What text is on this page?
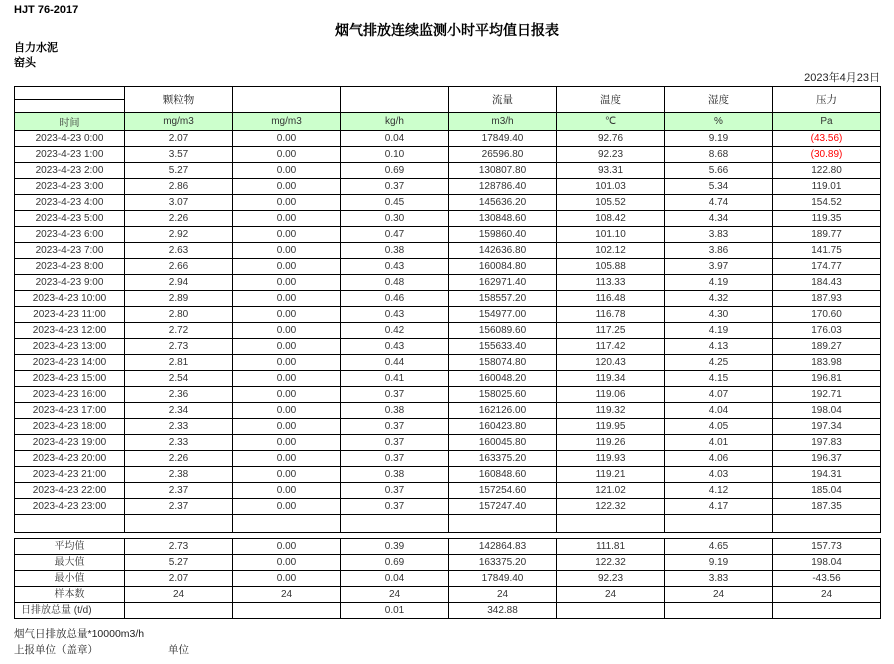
HJT 76-2017
烟气排放连续监测小时平均值日报表
自力水泥
窑头
2023年4月23日
	颗粒物			流量	温度	湿度	压力
时间	mg/m3	mg/m3	kg/h	m3/h	℃	%	Pa
2023-4-23 0:00	2.07	0.00	0.04	17849.40	92.76	9.19	(43.56)
2023-4-23 1:00	3.57	0.00	0.10	26596.80	92.23	8.68	(30.89)
2023-4-23 2:00	5.27	0.00	0.69	130807.80	93.31	5.66	122.80
2023-4-23 3:00	2.86	0.00	0.37	128786.40	101.03	5.34	119.01
2023-4-23 4:00	3.07	0.00	0.45	145636.20	105.52	4.74	154.52
2023-4-23 5:00	2.26	0.00	0.30	130848.60	108.42	4.34	119.35
2023-4-23 6:00	2.92	0.00	0.47	159860.40	101.10	3.83	189.77
2023-4-23 7:00	2.63	0.00	0.38	142636.80	102.12	3.86	141.75
2023-4-23 8:00	2.66	0.00	0.43	160084.80	105.88	3.97	174.77
2023-4-23 9:00	2.94	0.00	0.48	162971.40	113.33	4.19	184.43
2023-4-23 10:00	2.89	0.00	0.46	158557.20	116.48	4.32	187.93
2023-4-23 11:00	2.80	0.00	0.43	154977.00	116.78	4.30	170.60
2023-4-23 12:00	2.72	0.00	0.42	156089.60	117.25	4.19	176.03
2023-4-23 13:00	2.73	0.00	0.43	155633.40	117.42	4.13	189.27
2023-4-23 14:00	2.81	0.00	0.44	158074.80	120.43	4.25	183.98
2023-4-23 15:00	2.54	0.00	0.41	160048.20	119.34	4.15	196.81
2023-4-23 16:00	2.36	0.00	0.37	158025.60	119.06	4.07	192.71
2023-4-23 17:00	2.34	0.00	0.38	162126.00	119.32	4.04	198.04
2023-4-23 18:00	2.33	0.00	0.37	160423.80	119.95	4.05	197.34
2023-4-23 19:00	2.33	0.00	0.37	160045.80	119.26	4.01	197.83
2023-4-23 20:00	2.26	0.00	0.37	163375.20	119.93	4.06	196.37
2023-4-23 21:00	2.38	0.00	0.38	160848.60	119.21	4.03	194.31
2023-4-23 22:00	2.37	0.00	0.37	157254.60	121.02	4.12	185.04
2023-4-23 23:00	2.37	0.00	0.37	157247.40	122.32	4.17	187.35

平均值	2.73	0.00	0.39	142864.83	111.81	4.65	157.73
最大值	5.27	0.00	0.69	163375.20	122.32	9.19	198.04
最小值	2.07	0.00	0.04	17849.40	92.23	3.83	-43.56
样本数	24	24	24	24	24	24	24
日排放总量 (t/d)			0.01	342.88			
烟气日排放总量*10000m3/h
上报单位（盖章）	单位
